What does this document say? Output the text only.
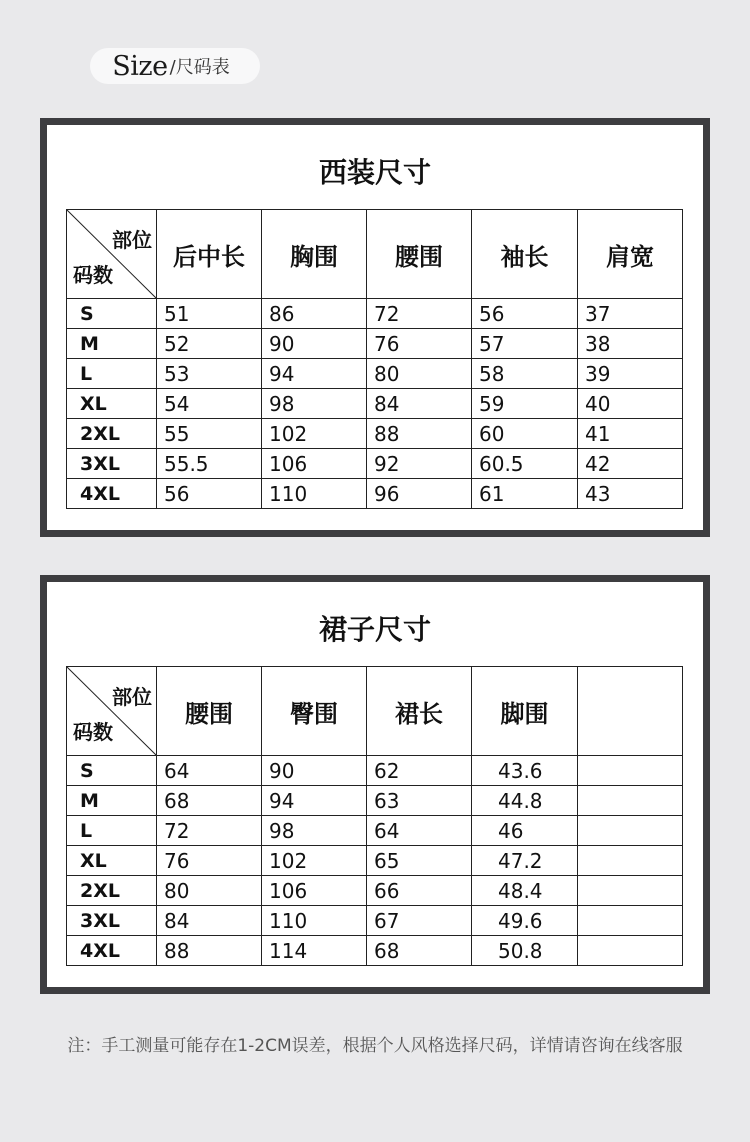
Size /尺码表
西装尺寸
部位
码数	后中长	胸围	腰围	袖长	肩宽
S	51	86	72	56	37
M	52	90	76	57	38
L	53	94	80	58	39
XL	54	98	84	59	40
2XL	55	102	88	60	41
3XL	55.5	106	92	60.5	42
4XL	56	110	96	61	43
裙子尺寸
部位
码数	腰围	臀围	裙长	脚围	
S	64	90	62	43.6	
M	68	94	63	44.8	
L	72	98	64	46	
XL	76	102	65	47.2	
2XL	80	106	66	48.4	
3XL	84	110	67	49.6	
4XL	88	114	68	50.8	
注：手工测量可能存在1-2CM误差，根据个人风格选择尺码，详情请咨询在线客服
